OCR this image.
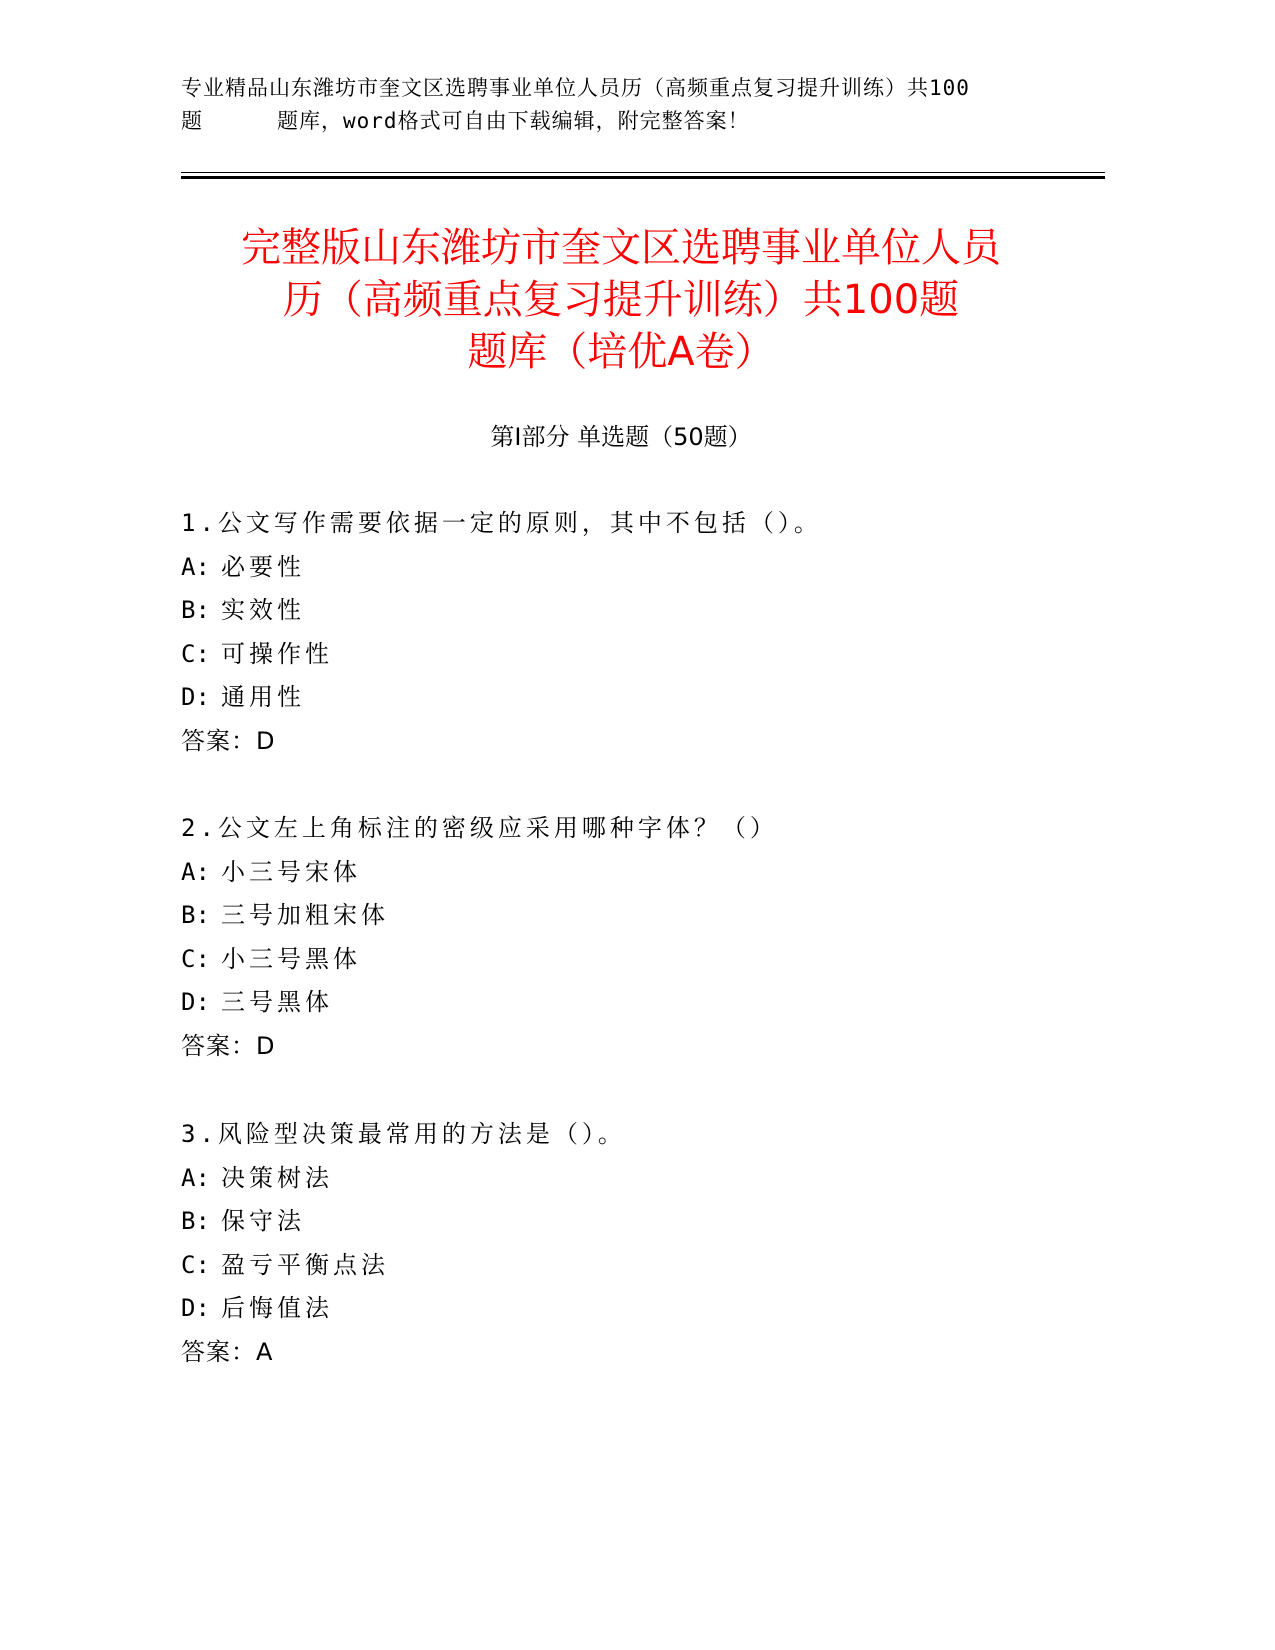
专业精品山东潍坊市奎文区选聘事业单位人员历（高频重点复习提升训练）共100
题	题库，word格式可自由下载编辑，附完整答案！
完整版山东潍坊市奎文区选聘事业单位人员
历（高频重点复习提升训练）共100题
题库（培优A卷）
第Ⅰ部分 单选题（50题）
1.公文写作需要依据一定的原则，其中不包括（）。
A: 必要性
B: 实效性
C: 可操作性
D: 通用性
答案：D
2.公文左上角标注的密级应采用哪种字体？（）
A: 小三号宋体
B: 三号加粗宋体
C: 小三号黑体
D: 三号黑体
答案：D
3.风险型决策最常用的方法是（）。
A: 决策树法
B: 保守法
C: 盈亏平衡点法
D: 后悔值法
答案：A
